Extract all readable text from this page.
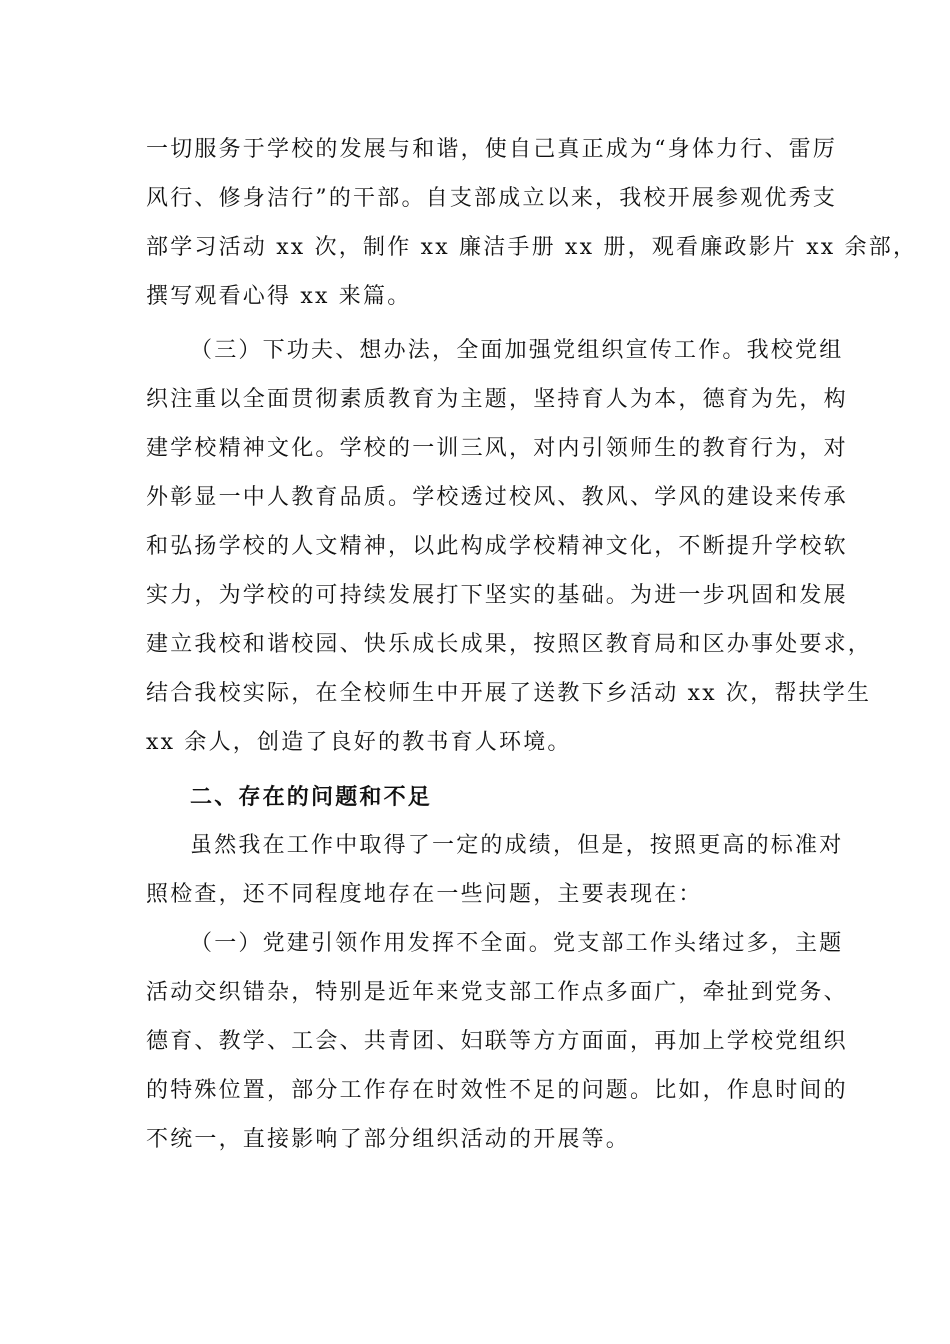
一切服务于学校的发展与和谐，使自己真正成为“身体力行、雷厉
风行、修身洁行”的干部。自支部成立以来，我校开展参观优秀支
部学习活动 xx 次，制作 xx 廉洁手册 xx 册，观看廉政影片 xx 余部，
撰写观看心得 xx 来篇。
（三）下功夫、想办法，全面加强党组织宣传工作。我校党组
织注重以全面贯彻素质教育为主题，坚持育人为本，德育为先，构
建学校精神文化。学校的一训三风，对内引领师生的教育行为，对
外彰显一中人教育品质。学校透过校风、教风、学风的建设来传承
和弘扬学校的人文精神，以此构成学校精神文化，不断提升学校软
实力，为学校的可持续发展打下坚实的基础。为进一步巩固和发展
建立我校和谐校园、快乐成长成果，按照区教育局和区办事处要求，
结合我校实际，在全校师生中开展了送教下乡活动 xx 次，帮扶学生
xx 余人，创造了良好的教书育人环境。
二、存在的问题和不足
虽然我在工作中取得了一定的成绩，但是，按照更高的标准对
照检查，还不同程度地存在一些问题，主要表现在：
（一）党建引领作用发挥不全面。党支部工作头绪过多，主题
活动交织错杂，特别是近年来党支部工作点多面广，牵扯到党务、
德育、教学、工会、共青团、妇联等方方面面，再加上学校党组织
的特殊位置，部分工作存在时效性不足的问题。比如，作息时间的
不统一，直接影响了部分组织活动的开展等。
